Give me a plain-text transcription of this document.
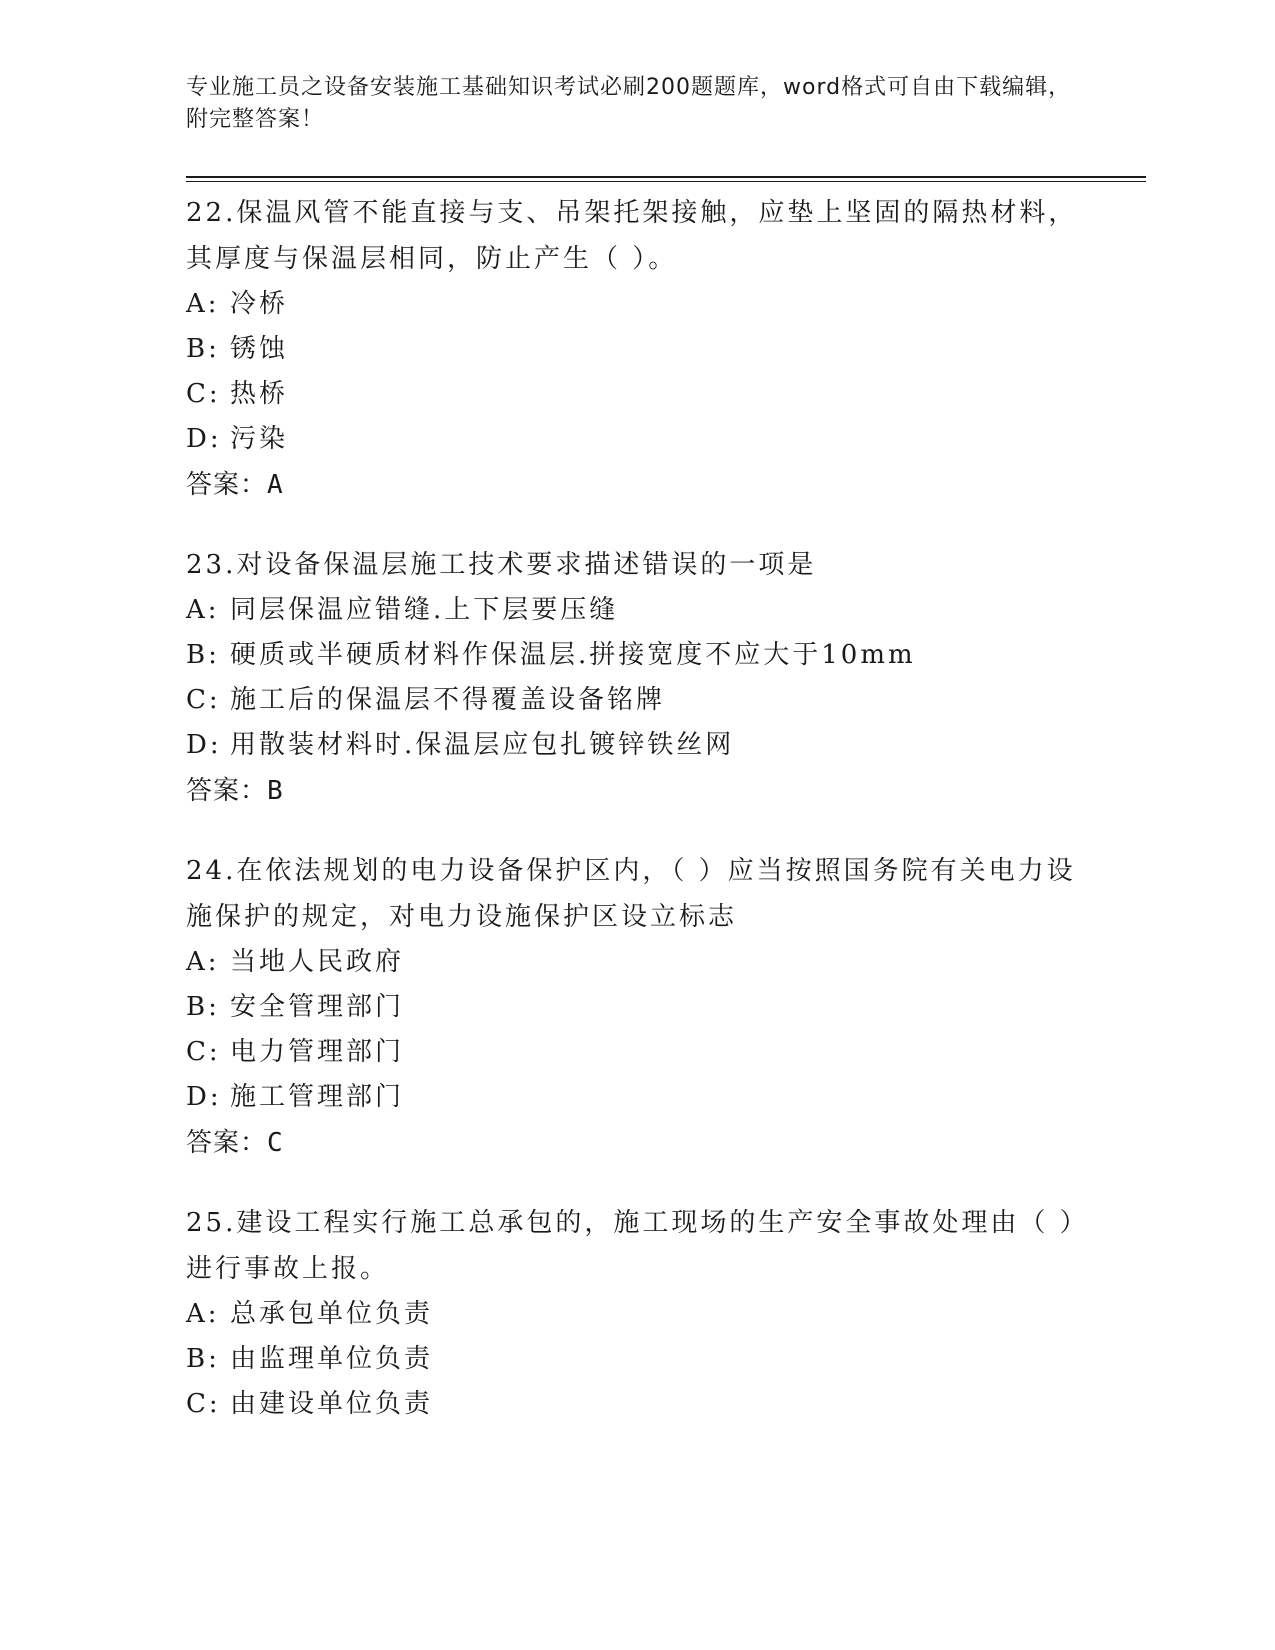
专业施工员之设备安装施工基础知识考试必刷200题题库，word格式可自由下载编辑，附完整答案！

22.保温风管不能直接与支、吊架托架接触，应垫上坚固的隔热材料，其厚度与保温层相同，防止产生（ ）。

A: 冷桥
B: 锈蚀
C: 热桥
D: 污染

答案：A

23.对设备保温层施工技术要求描述错误的一项是

A: 同层保温应错缝.上下层要压缝
B: 硬质或半硬质材料作保温层.拼接宽度不应大于10mm
C: 施工后的保温层不得覆盖设备铭牌
D: 用散装材料时.保温层应包扎镀锌铁丝网

答案：B

24.在依法规划的电力设备保护区内，（ ）应当按照国务院有关电力设施保护的规定，对电力设施保护区设立标志

A: 当地人民政府
B: 安全管理部门
C: 电力管理部门
D: 施工管理部门

答案：C

25.建设工程实行施工总承包的，施工现场的生产安全事故处理由（ ）进行事故上报。

A: 总承包单位负责
B: 由监理单位负责
C: 由建设单位负责
